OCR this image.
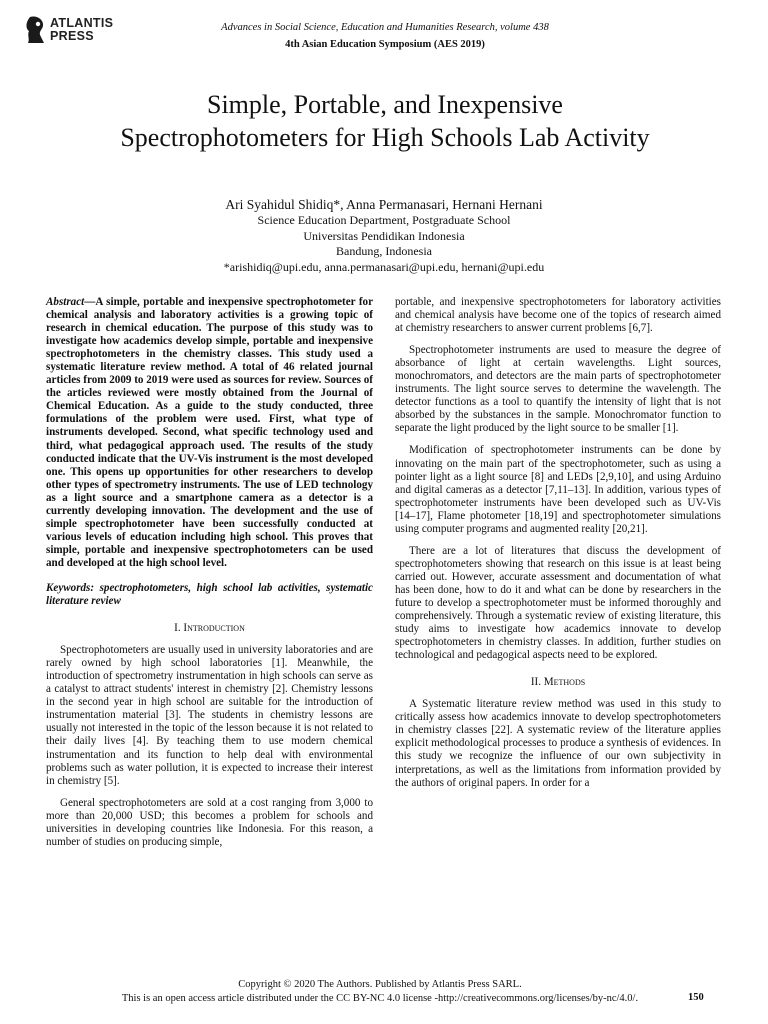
ATLANTIS
PRESS
Advances in Social Science, Education and Humanities Research, volume 438
4th Asian Education Symposium (AES 2019)
Simple, Portable, and Inexpensive
Spectrophotometers for High Schools Lab Activity
Ari Syahidul Shidiq*, Anna Permanasari, Hernani Hernani
Science Education Department, Postgraduate School
Universitas Pendidikan Indonesia
Bandung, Indonesia
*arishidiq@upi.edu, anna.permanasari@upi.edu, hernani@upi.edu

Abstract—A simple, portable and inexpensive spectrophotometer for chemical analysis and laboratory activities is a growing topic of research in chemical education. The purpose of this study was to investigate how academics develop simple, portable and inexpensive spectrophotometers in the chemistry classes. This study used a systematic literature review method. A total of 46 related journal articles from 2009 to 2019 were used as sources for review. Sources of the articles reviewed were mostly obtained from the Journal of Chemical Education. As a guide to the study conducted, three formulations of the problem were used. First, what type of instruments developed. Second, what specific technology used and third, what pedagogical approach used. The results of the study conducted indicate that the UV-Vis instrument is the most developed one. This opens up opportunities for other researchers to develop other types of spectrometry instruments. The use of LED technology as a light source and a smartphone camera as a detector is a currently developing innovation. The development and the use of simple spectrophotometer have been successfully conducted at various levels of education including high school. This proves that simple, portable and inexpensive spectrophotometers can be used and developed at the high school level.

Keywords: spectrophotometers, high school lab activities, systematic literature review

I. Introduction

Spectrophotometers are usually used in university laboratories and are rarely owned by high school laboratories [1]. Meanwhile, the introduction of spectrometry instrumentation in high schools can serve as a catalyst to attract students' interest in chemistry [2]. Chemistry lessons in the second year in high school are suitable for the introduction of instrumentation material [3]. The students in chemistry lessons are usually not interested in the topic of the lesson because it is not related to their daily lives [4]. By teaching them to use modern chemical instrumentation and its function to help deal with environmental problems such as water pollution, it is expected to increase their interest in chemistry [5].

General spectrophotometers are sold at a cost ranging from 3,000 to more than 20,000 USD; this becomes a problem for schools and universities in developing countries like Indonesia. For this reason, a number of studies on producing simple,

portable, and inexpensive spectrophotometers for laboratory activities and chemical analysis have become one of the topics of research aimed at chemistry researchers to answer current problems [6,7].

Spectrophotometer instruments are used to measure the degree of absorbance of light at certain wavelengths. Light sources, monochromators, and detectors are the main parts of spectrophotometer instruments. The light source serves to determine the wavelength. The detector functions as a tool to quantify the intensity of light that is not absorbed by the substances in the sample. Monochromator function to separate the light produced by the light source to be smaller [1].

Modification of spectrophotometer instruments can be done by innovating on the main part of the spectrophotometer, such as using a pointer light as a light source [8] and LEDs [2,9,10], and using Arduino and digital cameras as a detector [7,11–13]. In addition, various types of spectrophotometer instruments have been developed such as UV-Vis [14–17], Flame photometer [18,19] and spectrophotometer simulations using computer programs and augmented reality [20,21].

There are a lot of literatures that discuss the development of spectrophotometers showing that research on this issue is at least being carried out. However, accurate assessment and documentation of what has been done, how to do it and what can be done by researchers in the future to develop a spectrophotometer must be informed thoroughly and comprehensively. Through a systematic review of existing literature, this study aims to investigate how academics innovate to develop spectrophotometers in chemistry classes. In addition, further studies on technological and pedagogical aspects need to be explored.

II. Methods

A Systematic literature review method was used in this study to critically assess how academics innovate to develop spectrophotometers in chemistry classes [22]. A systematic review of the literature applies explicit methodological processes to produce a synthesis of evidences. In this study we recognize the influence of our own subjectivity in interpretations, as well as the limitations from information provided by the authors of original papers. In order for a

Copyright © 2020 The Authors. Published by Atlantis Press SARL.
This is an open access article distributed under the CC BY-NC 4.0 license -http://creativecommons.org/licenses/by-nc/4.0/.	150
